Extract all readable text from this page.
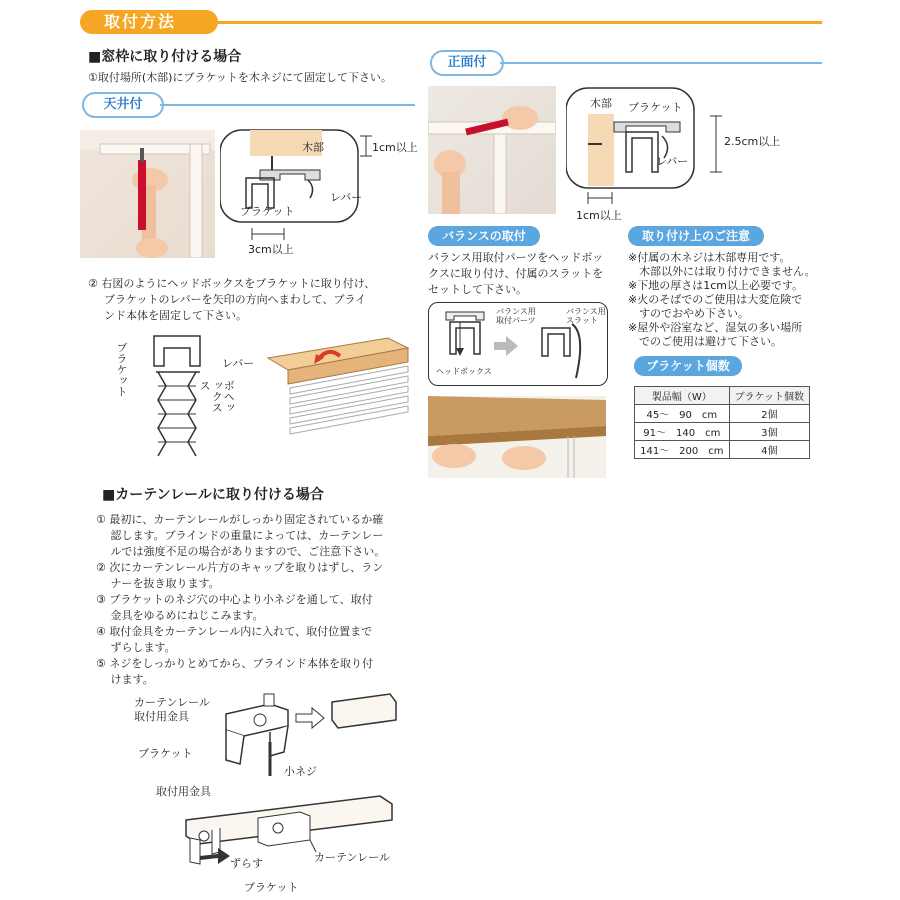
取付方法
■窓枠に取り付ける場合
①取付場所(木部)にブラケットを木ネジにて固定して下さい。
天井付
木部
ブラケット
レバー
1cm以上
3cm以上
正面付
木部 ブラケット
レバー
2.5cm以上
1cm以上
② 右図のようにヘッドボックスをブラケットに取り付け、
ブラケットのレバーを矢印の方向へまわして、ブライ
ンド本体を固定して下さい。
ブラケット	レバー
ボヘッ
ックス
ス
バランスの取付
バランス用取付パーツをヘッドボッ
クスに取り付け、付属のスラットを
セットして下さい。
バランス用
取付パーツ
バランス用
スラット
ヘッドボックス
取り付け上のご注意
※付属の木ネジは木部専用です。
　木部以外には取り付けできません。
※下地の厚さは1cm以上必要です。
※火のそばでのご使用は大変危険で
　すのでおやめ下さい。
※屋外や浴室など、湿気の多い場所
　でのご使用は避けて下さい。
ブラケット個数
製品幅（W）	ブラケット個数
45～　90　cm	2個
91～　140　cm	3個
141～　200　cm	4個
■カーテンレールに取り付ける場合
① 最初に、カーテンレールがしっかり固定されているか確
　 認します。ブラインドの重量によっては、カーテンレー
　 ルでは強度不足の場合がありますので、ご注意下さい。
② 次にカーテンレール片方のキャップを取りはずし、ラン
　 ナーを抜き取ります。
③ ブラケットのネジ穴の中心より小ネジを通して、取付
　 金具をゆるめにねじこみます。
④ 取付金具をカーテンレール内に入れて、取付位置まで
　 ずらします。
⑤ ネジをしっかりとめてから、ブラインド本体を取り付
　 けます。
カーテンレール
取付用金具
ブラケット
小ネジ
取付用金具
ずらす	カーテンレール
ブラケット
